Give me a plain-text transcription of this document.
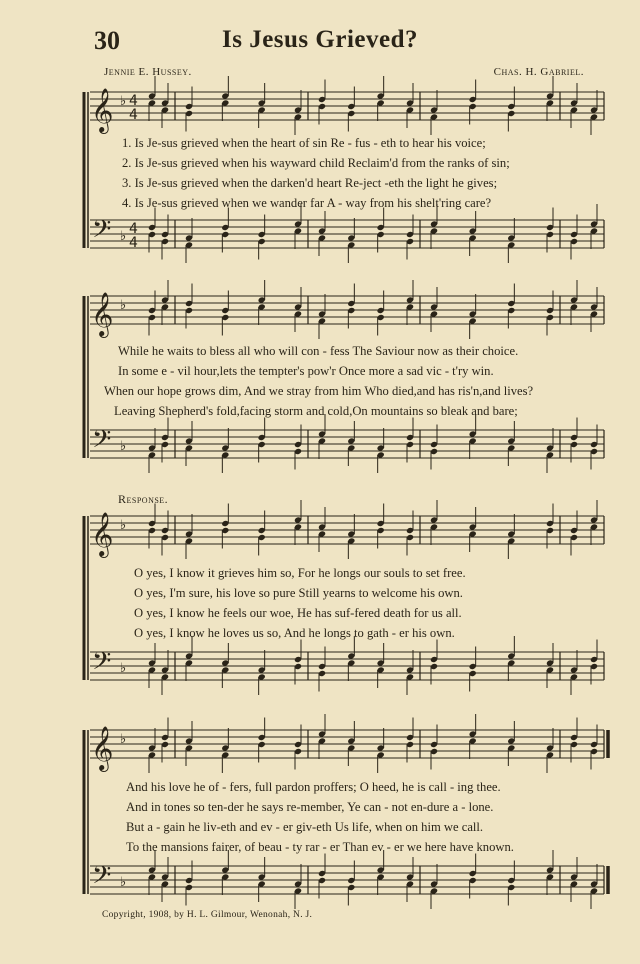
30	Is Jesus Grieved?
Jennie E. Hussey.	Chas. H. Gabriel.
Response.
1. Is Je-sus grieved when the heart of sin Re - fus - eth to hear his voice;
2. Is Je-sus grieved when his wayward child Reclaim'd from the ranks of sin;
3. Is Je-sus grieved when the darken'd heart Re-ject -eth the light he gives;
4. Is Je-sus grieved when we wander far A - way from his shelt'ring care?
While he waits to bless all who will con - fess The Saviour now as their choice.
In some e - vil hour,lets the tempter's pow'r Once more a sad vic - t'ry win.
When our hope grows dim, And we stray from him Who died,and has ris'n,and lives?
Leaving Shepherd's fold,facing storm and cold,On mountains so bleak and bare;
O yes, I know it grieves him so, For he longs our souls to set free.
O yes, I'm sure, his love so pure Still yearns to welcome his own.
O yes, I know he feels our woe, He has suf-fered death for us all.
O yes, I know he loves us so, And he longs to gath - er his own.
And his love he of - fers, full pardon proffers; O heed, he is call - ing thee.
And in tones so ten-der he says re-member, Ye can - not en-dure a - lone.
But a - gain he liv-eth and ev - er giv-eth Us life, when on him we call.
To the mansions fairer, of beau - ty rar - er Than ev - er we here have known.
Copyright, 1908, by H. L. Gilmour, Wenonah, N. J.
𝄞
𝄢
♭
♭
4
4
4
4
𝄞
𝄢
♭
♭
𝄞
𝄢
♭
♭
𝄞
𝄢
♭
♭
